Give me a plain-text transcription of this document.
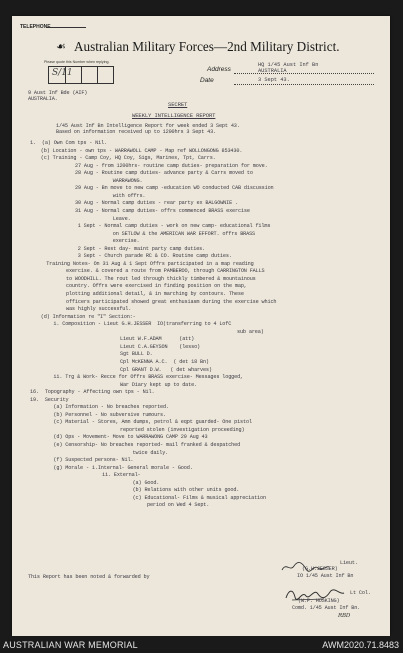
TELEPHONE
☙ Australian Military Forces—2nd Military District.
Please quote this Number when replying.
S/11	Address
HQ 1/45 Aust Inf Bn
AUSTRALIA
Date	3 Sept 43.
9 Aust Inf Bde (AIF)
AUSTRALIA.
SECRET
WEEKLY INTELLIGENCE REPORT
1/45 Aust Inf Bn Intelligence Report for week ended 3 Sept 43.
Based on information received up to 1200hrs 3 Sept 43.
1.  (a) Own Com tps - Nil.
(b) Location - own tps - WARRAWOLL CAMP - Map ref WOLLONGONG 853430.
(c) Training - Camp Coy, HQ Coy, Sigs, Marines, Tpt, Carrs.
27 Aug - from 1200hrs- routine camp duties- preparation for move.
28 Aug - Routine camp duties- advance party & Carrs moved to
WARRAWONG.
29 Aug - Bn move to new camp -education WO conducted CAB discussion
with offrs.
30 Aug - Normal camp duties - rear party ex BALGOWNIE .
31 Aug - Normal camp duties- offrs commenced BRASS exercise
Leave.
1 Sept - Normal camp duties - work on new camp- educational films
on SETLOW & the AMERICAN WAR EFFORT. offrs BRASS
exercise.
2 Sept - Rest day- maint party camp duties.
3 Sept - Church parade RC & CO. Routine camp duties.
Training Notes- On 31 Aug & 1 Sept Offrs participated in a map reading
exercise. & covered a route from PAMBEROO, through CARRINGTON FALLS
to WOODHILL. The rout led through thickly timbered & mountainous
country. Offrs were exercised in finding position on the map,
plotting additional detail, & in marching by contours. These
officers participated showed great enthusiasm during the exercise which
was highly successful.
(d) Information re "I" Section:-
i. Composition - Lieut G.H.JESSER  IO(transferring to 4 LofC
sub area)
Lieut W.F.ADAM      (att)
Lieut C.A.GEYSON    (lesso)
Sgt BULL D.
Cpl McKENNA A.C.  ( det 18 Bn)
Cpl GRANT D.W.   ( det wharves)
ii. Trg & Work- Recce for Offrs BRASS exercise- Messages logged,
War Diary kept up to date.
16.  Topography - Affecting own tps - Nil.
19.  Security
(a) Information - No breaches reported.
(b) Personnel - No subversive rumours.
(c) Material - Stores, Amn dumps, petrol & eqpt guarded- One pistol
reported stolen (investigation proceeding)
(d) Ops - Movement- Move to WARRAWONG CAMP 29 Aug 43
(e) Censorship- No breaches reported- mail franked & despatched
twice daily.
(f) Suspected persons- Nil.
(g) Morale - i.Internal- General morale - Good.
ii. External-
(a) Good.
(b) Relations with other units good.
(c) Educational- Films & musical appreciation
period on Wed 4 Sept.
This Report has been noted & forwarded by
Lieut.
(G.H.JESSER)
IO 1/45 Aust Inf Bn
Lt Col.
(W.P. HOSKING)
Comd. 1/45 Aust Inf Bn.
RBD
AUSTRALIAN WAR MEMORIAL	AWM2020.71.8483
